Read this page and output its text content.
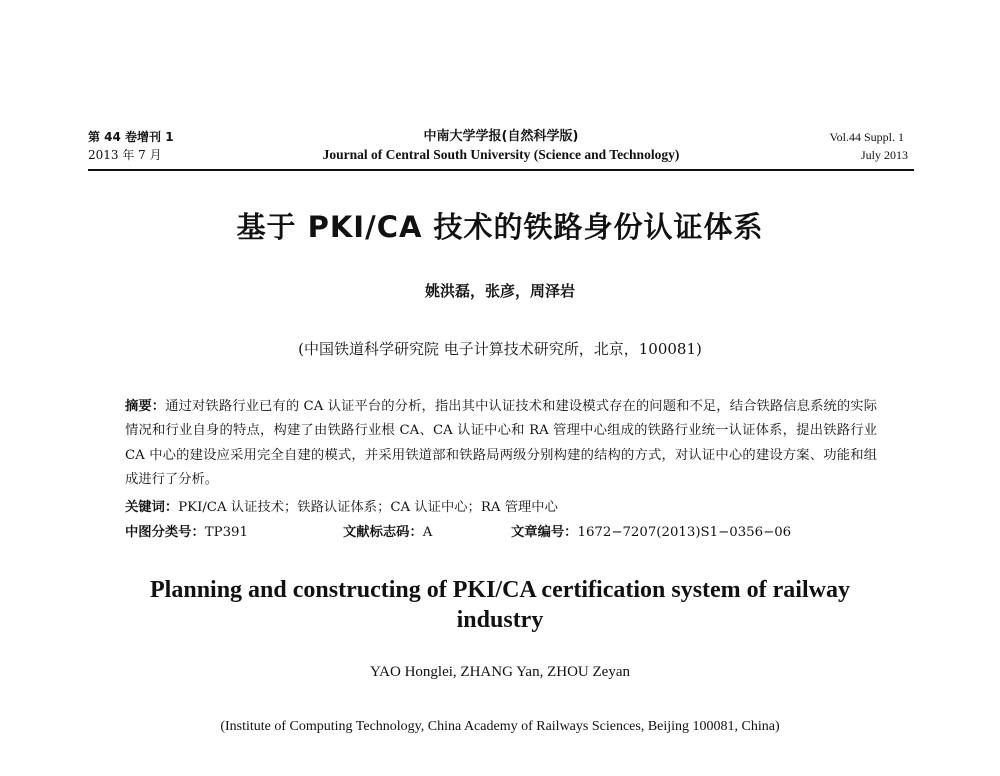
第 44 卷增刊 1
2013 年 7 月
中南大学学报(自然科学版)
Journal of Central South University (Science and Technology)
Vol.44 Suppl. 1
July 2013
基于 PKI/CA 技术的铁路身份认证体系
姚洪磊，张彦，周泽岩
(中国铁道科学研究院 电子计算技术研究所，北京，100081)
摘要：通过对铁路行业已有的 CA 认证平台的分析，指出其中认证技术和建设模式存在的问题和不足，结合铁路信息系统的实际情况和行业自身的特点，构建了由铁路行业根 CA、CA 认证中心和 RA 管理中心组成的铁路行业统一认证体系，提出铁路行业 CA 中心的建设应采用完全自建的模式，并采用铁道部和铁路局两级分别构建的结构的方式，对认证中心的建设方案、功能和组成进行了分析。
关键词：PKI/CA 认证技术；铁路认证体系；CA 认证中心；RA 管理中心
中图分类号：TP391	文献标志码：A	文章编号：1672−7207(2013)S1−0356−06
Planning and constructing of PKI/CA certification system of railway industry
YAO Honglei, ZHANG Yan, ZHOU Zeyan
(Institute of Computing Technology, China Academy of Railways Sciences, Beijing 100081, China)
